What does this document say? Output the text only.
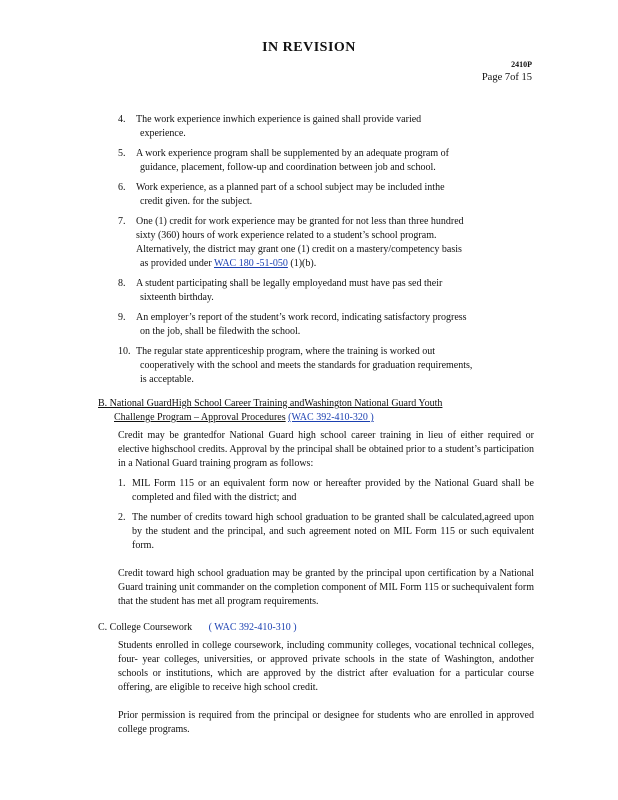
IN REVISION
2410P
Page 7of 15
4. The work experience inwhich experience is gained shall provide varied
experience.
5. A work experience program shall be supplemented by an adequate program of
guidance, placement, follow-up and coordination between job and school.
6. Work experience, as a planned part of a school subject may be included inthe
credit given. for the subject.
7. One (1) credit for work experience may be granted for not less than three hundred
sixty (360) hours of work experience related to a student’s school program.
Alternatively, the district may grant one (1) credit on a mastery/competency basis
as provided under WAC 180 -51-050 (1)(b).
8. A student participating shall be legally employedand must have pas sed their
sixteenth birthday.
9. An employer’s report of the student’s work record, indicating satisfactory progress
on the job, shall be filedwith the school.
10. The regular state apprenticeship program, where the training is worked out
cooperatively with the school and meets the standards for graduation requirements,
is acceptable.
B. National GuardHigh School Career Training andWashington National Guard Youth
Challenge Program – Approval Procedures (WAC 392-410-320 )

Credit may be grantedfor National Guard high school career training in lieu of either required or elective highschool credits. Approval by the principal shall be obtained prior to a student’s participation in a National Guard training program as follows:

1. MIL Form 115 or an equivalent form now or hereafter provided by the National Guard shall be completed and filed with the district; and
2. The number of credits toward high school graduation to be granted shall be calculated,agreed upon by the student and the principal, and such agreement noted on MIL Form 115 or such equivalent form.

Credit toward high school graduation may be granted by the principal upon certification by a National Guard training unit commander on the completion component of MIL Form 115 or suchequivalent form that the student has met all program requirements.

C. College Coursework ( WAC 392-410-310 )

Students enrolled in college coursework, including community colleges, vocational technical colleges, four- year colleges, universities, or approved private schools in the state of Washington, andother schools or institutions, which are approved by the district after evaluation for a particular course offering, are eligible to receive high school credit.

Prior permission is required from the principal or designee for students who are enrolled in approved college programs.
